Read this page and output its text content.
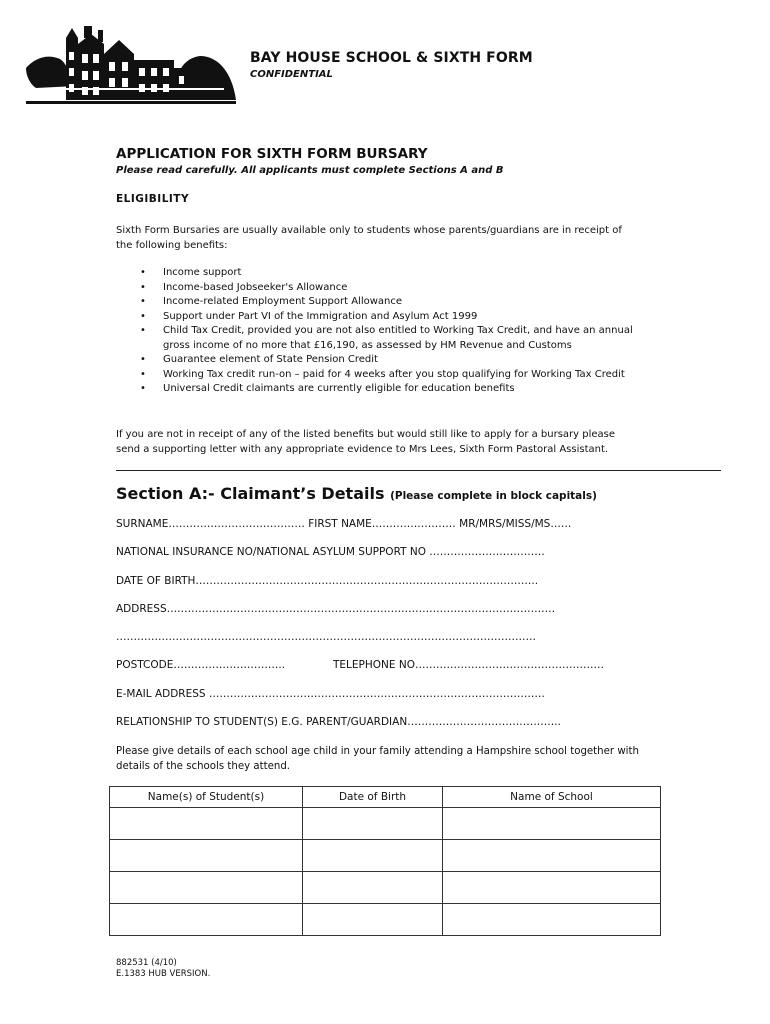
BAY HOUSE SCHOOL & SIXTH FORM
CONFIDENTIAL
APPLICATION FOR SIXTH FORM BURSARY
Please read carefully. All applicants must complete Sections A and B
ELIGIBILITY
Sixth Form Bursaries are usually available only to students whose parents/guardians are in receipt of
the following benefits:
• Income support
• Income-based Jobseeker's Allowance
• Income-related Employment Support Allowance
• Support under Part VI of the Immigration and Asylum Act 1999
• Child Tax Credit, provided you are not also entitled to Working Tax Credit, and have an annual gross income of no more that £16,190, as assessed by HM Revenue and Customs
• Guarantee element of State Pension Credit
• Working Tax credit run-on – paid for 4 weeks after you stop qualifying for Working Tax Credit
• Universal Credit claimants are currently eligible for education benefits
If you are not in receipt of any of the listed benefits but would still like to apply for a bursary please
send a supporting letter with any appropriate evidence to Mrs Lees, Sixth Form Pastoral Assistant.
Section A:- Claimant’s Details (Please complete in block capitals)
SURNAME………………………………… FIRST NAME…………………… MR/MRS/MISS/MS……
NATIONAL INSURANCE NO/NATIONAL ASYLUM SUPPORT NO ……………………………
DATE OF BIRTH……………………………………………………………………………………..
ADDRESS…………………………………………………………………………………………………
…………………………………………………………………………………………………………
POSTCODE…………………………..	TELEPHONE NO………………………………………………
E-MAIL ADDRESS ……………………………………………………………………………………
RELATIONSHIP TO STUDENT(S) E.G. PARENT/GUARDIAN……………………………………..
Please give details of each school age child in your family attending a Hampshire school together with
details of the schools they attend.
Name(s) of Student(s)	Date of Birth	Name of School

882531 (4/10)
E.1383 HUB VERSION.
